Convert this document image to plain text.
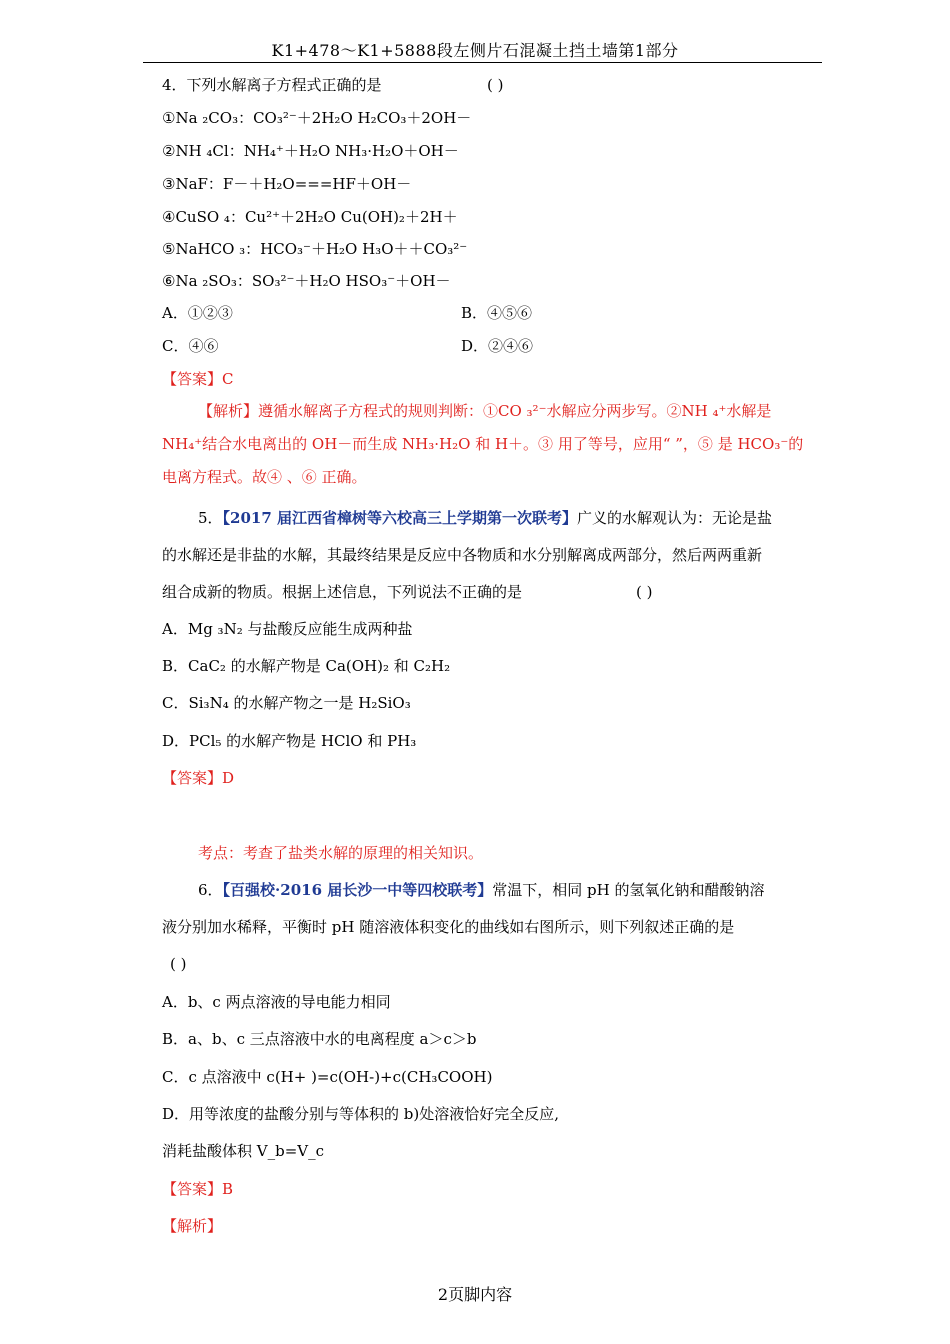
K1+478～K1+5888段左侧片石混凝土挡土墙第1部分
4．下列水解离子方程式正确的是	( )
①Na ₂CO₃：CO₃²⁻＋2H₂O H₂CO₃＋2OH－
②NH ₄Cl：NH₄⁺＋H₂O NH₃·H₂O＋OH－
③NaF：F－＋H₂O===HF＋OH－
④CuSO ₄：Cu²⁺＋2H₂O Cu(OH)₂＋2H＋
⑤NaHCO ₃：HCO₃⁻＋H₂O H₃O＋＋CO₃²⁻
⑥Na ₂SO₃：SO₃²⁻＋H₂O HSO₃⁻＋OH－
A．①②③	B．④⑤⑥
C．④⑥	D．②④⑥
【答案】C
【解析】遵循水解离子方程式的规则判断：①CO ₃²⁻水解应分两步写。②NH ₄⁺水解是
NH₄⁺结合水电离出的 OH－而生成 NH₃·H₂O 和 H＋。③ 用了等号，应用“ ”，⑤ 是 HCO₃⁻的
电离方程式。故④ 、⑥ 正确。
5．【2017 届江西省樟树等六校高三上学期第一次联考】广义的水解观认为：无论是盐
的水解还是非盐的水解，其最终结果是反应中各物质和水分别解离成两部分，然后两两重新
组合成新的物质。根据上述信息，下列说法不正确的是	( )
A．Mg ₃N₂ 与盐酸反应能生成两种盐
B．CaC₂ 的水解产物是 Ca(OH)₂ 和 C₂H₂
C．Si₃N₄ 的水解产物之一是 H₂SiO₃
D．PCl₅ 的水解产物是 HClO 和 PH₃
【答案】D
考点：考查了盐类水解的原理的相关知识。
6．【百强校·2016 届长沙一中等四校联考】常温下，相同 pH 的氢氧化钠和醋酸钠溶
液分别加水稀释，平衡时 pH 随溶液体积变化的曲线如右图所示，则下列叙述正确的是
( )
A．b、c 两点溶液的导电能力相同
B．a、b、c 三点溶液中水的电离程度 a＞c＞b
C．c 点溶液中 c(H+ )=c(OH-)+c(CH₃COOH)
D．用等浓度的盐酸分别与等体积的 b)处溶液恰好完全反应,
消耗盐酸体积 V_b=V_c
【答案】B
【解析】
2页脚内容
